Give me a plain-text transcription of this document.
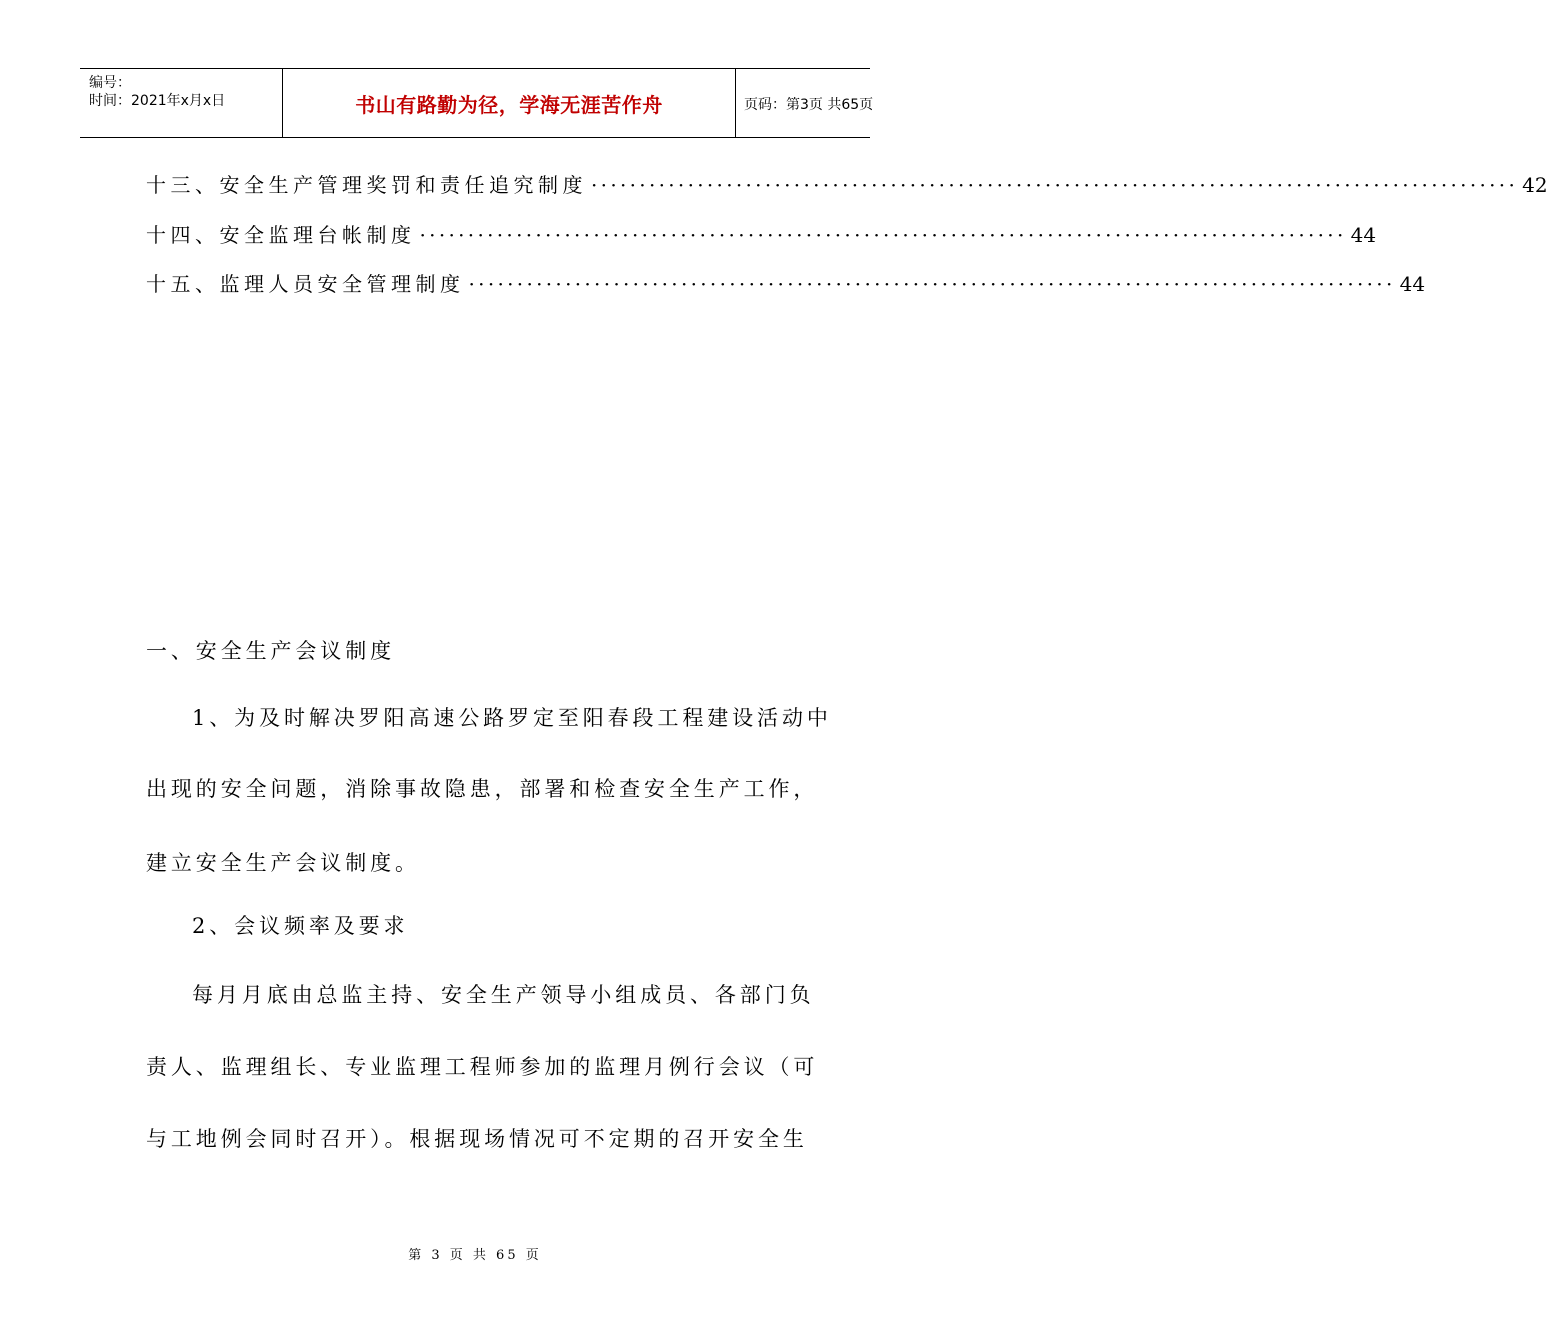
编号：
时间：2021年x月x日	书山有路勤为径，学海无涯苦作舟	页码：第3页 共65页
十三、安全生产管理奖罚和责任追究制度 ································································································ 42
十四、安全监理台帐制度 ································································································ 44
十五、监理人员安全管理制度 ································································································ 44
一、安全生产会议制度
1、为及时解决罗阳高速公路罗定至阳春段工程建设活动中
出现的安全问题，消除事故隐患，部署和检查安全生产工作，
建立安全生产会议制度。
2、会议频率及要求
每月月底由总监主持、安全生产领导小组成员、各部门负
责人、监理组长、专业监理工程师参加的监理月例行会议（可
与工地例会同时召开）。根据现场情况可不定期的召开安全生
第 3 页 共 65 页
